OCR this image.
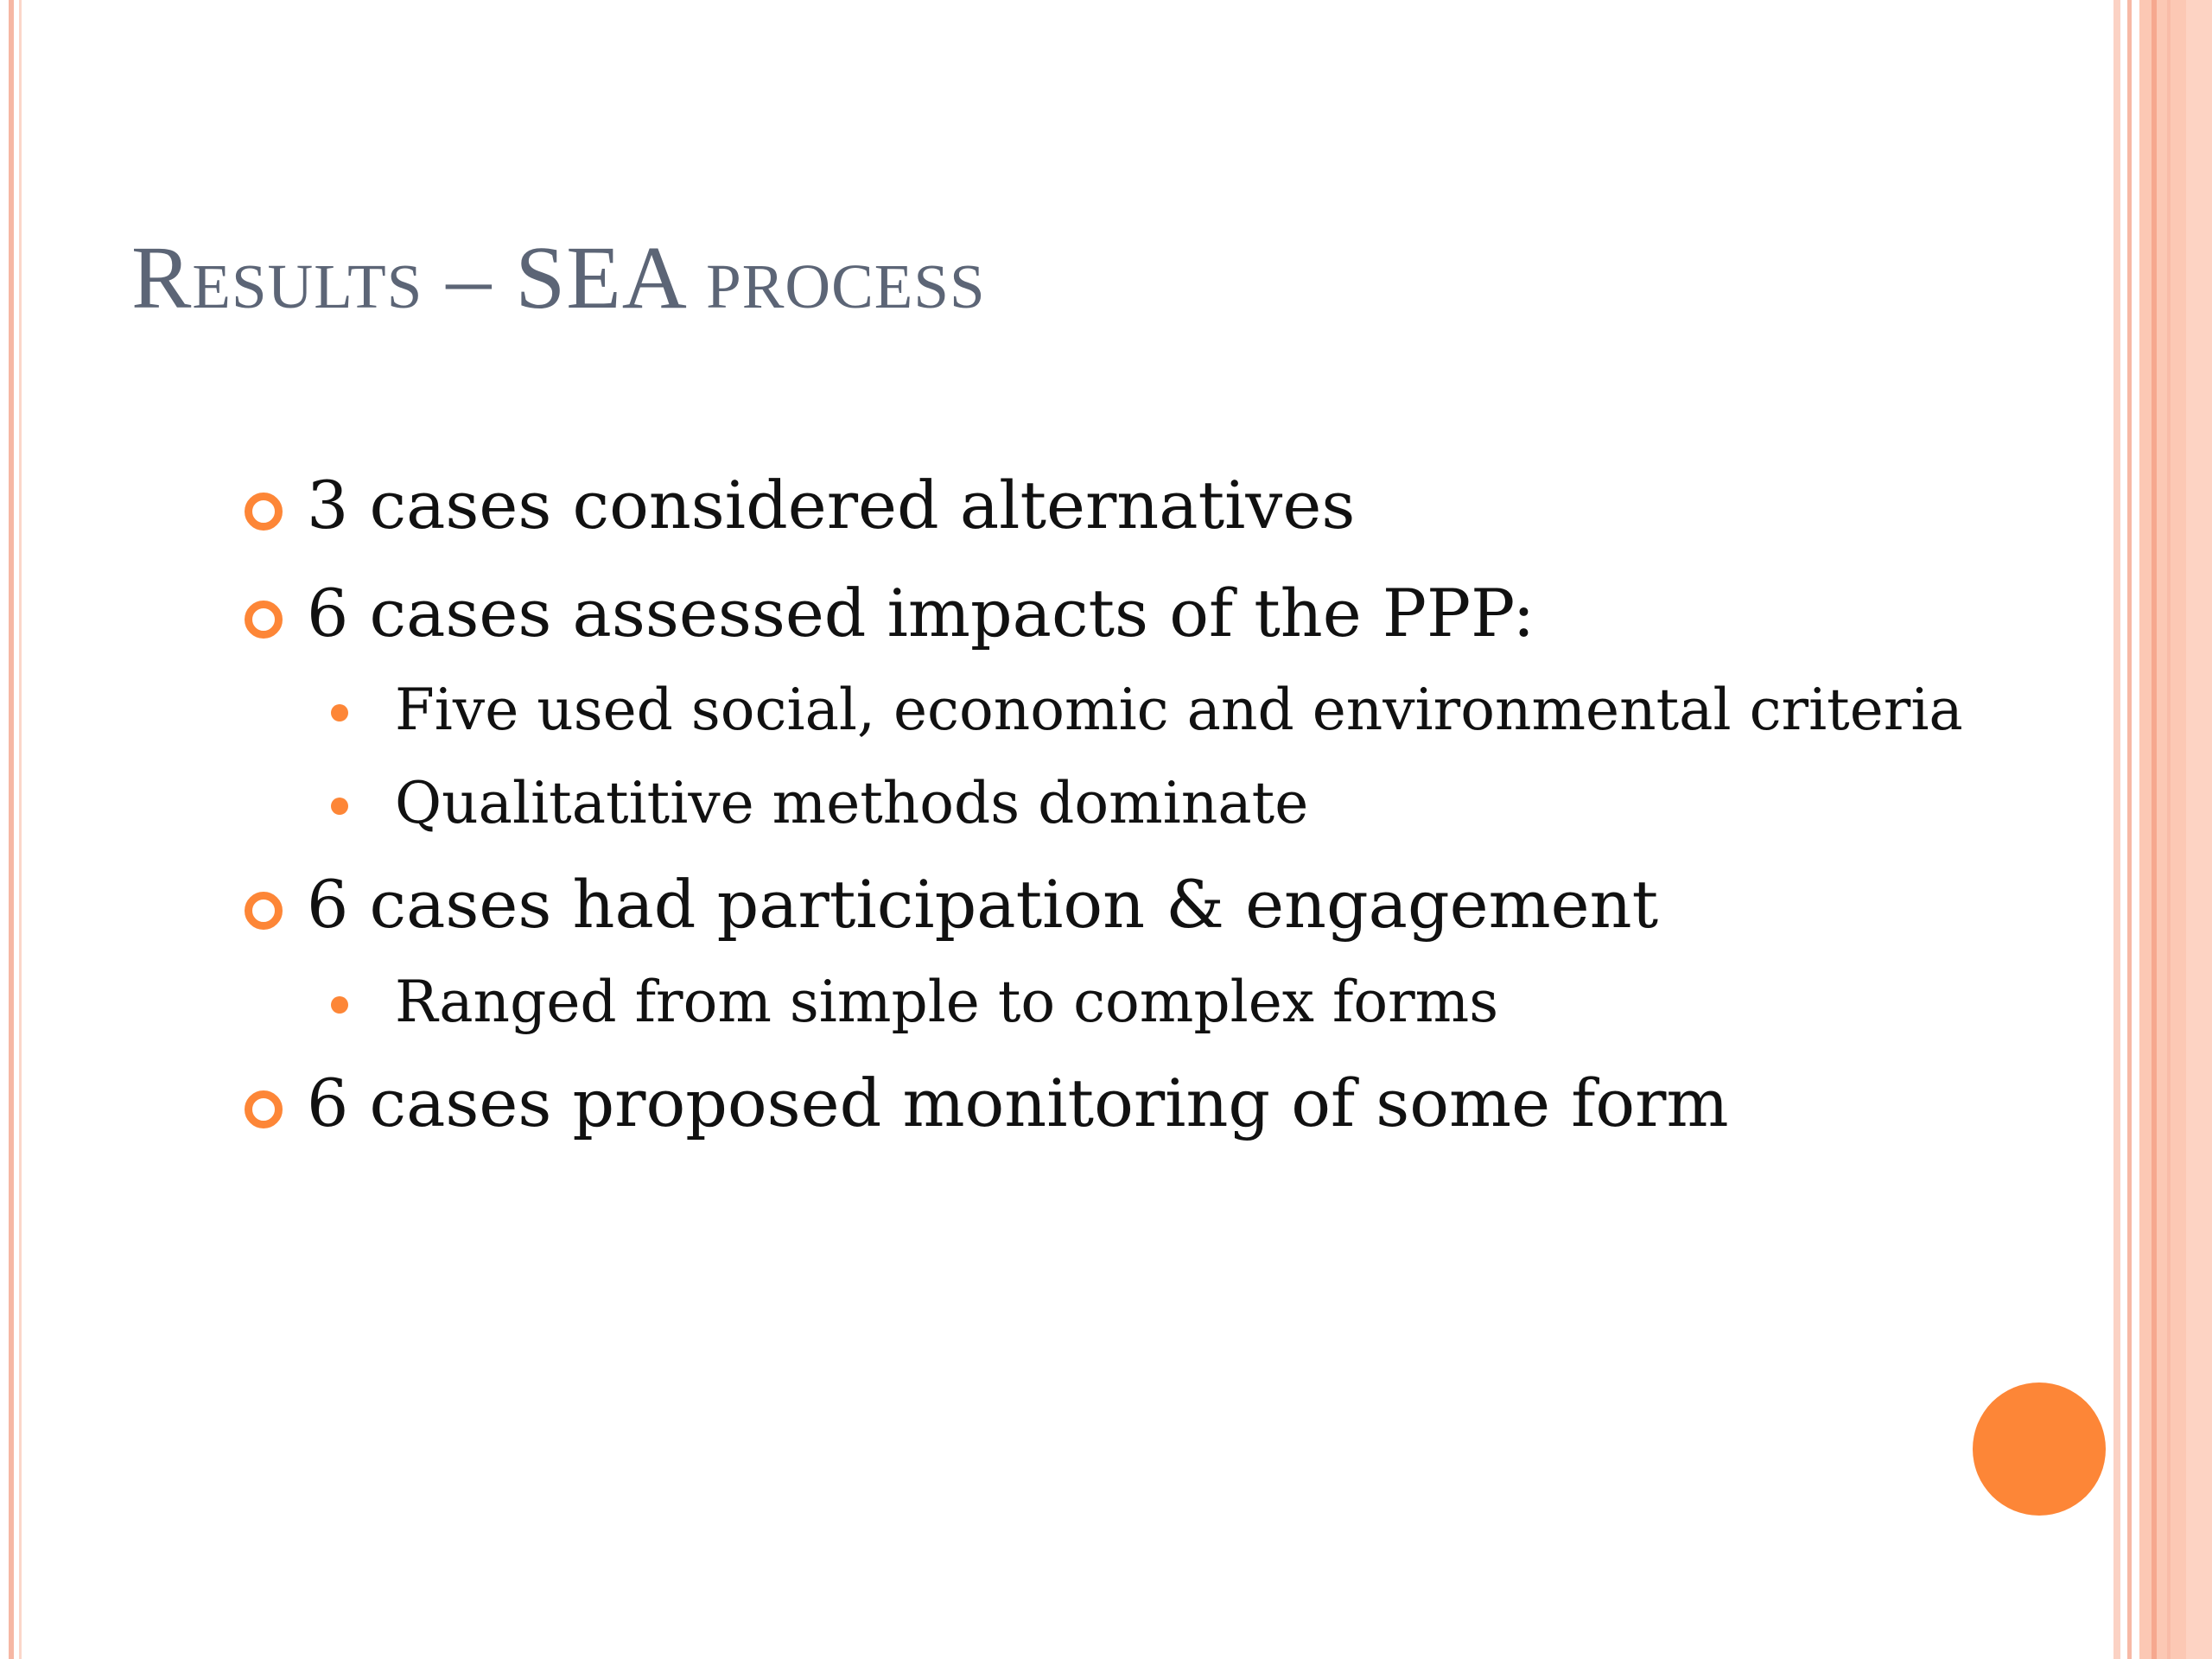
Results – SEA process
3 cases considered alternatives
6 cases assessed impacts of the PPP:
Five used social, economic and environmental criteria
Qualitatitive methods dominate
6 cases had participation & engagement
Ranged from simple to complex forms
6 cases proposed monitoring of some form
